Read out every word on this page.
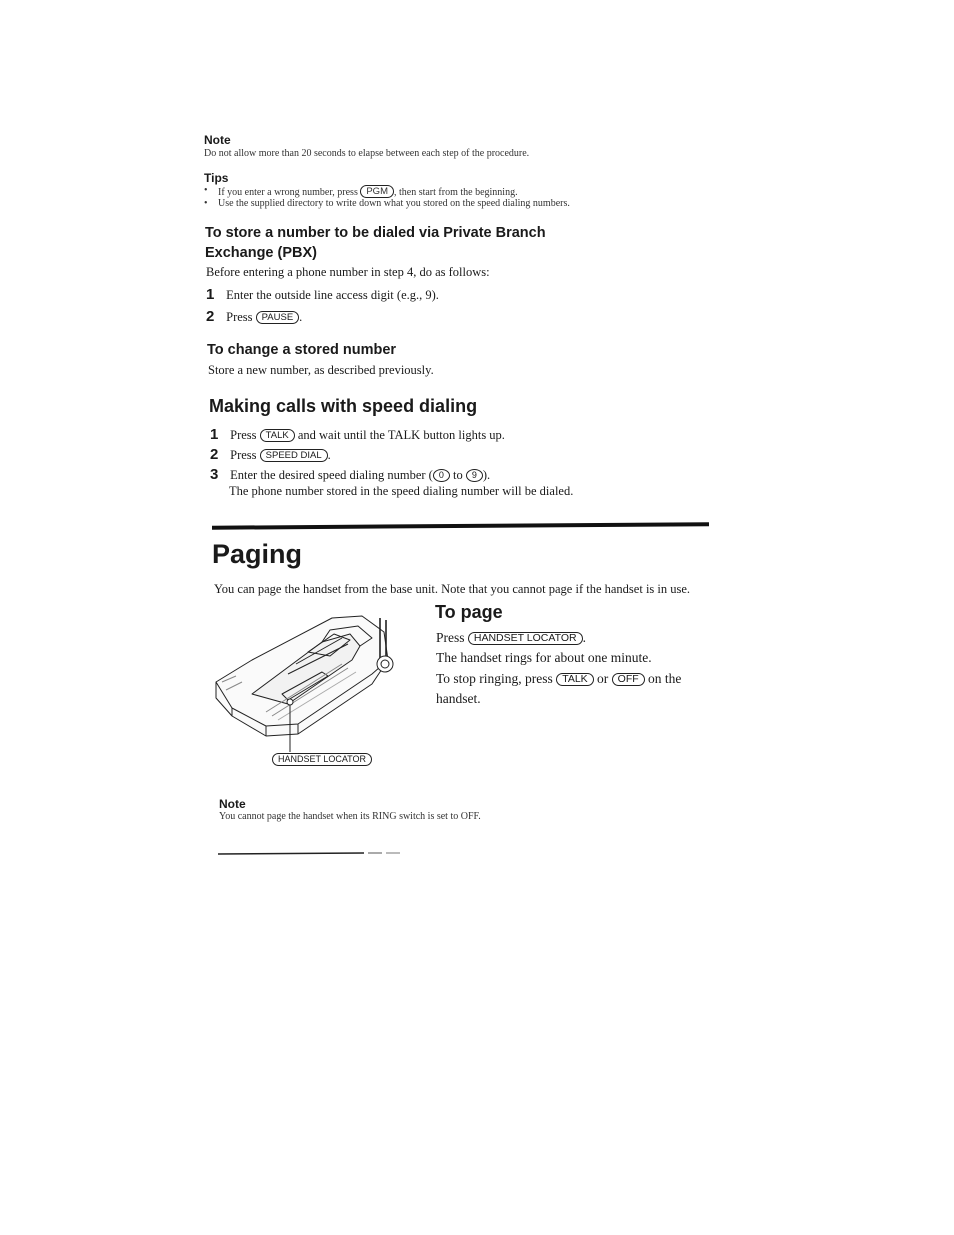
Note
Do not allow more than 20 seconds to elapse between each step of the procedure.
Tips
• If you enter a wrong number, press PGM , then start from the beginning.
• Use the supplied directory to write down what you stored on the speed dialing numbers.
To store a number to be dialed via Private Branch
Exchange (PBX)
Before entering a phone number in step 4, do as follows:
1 Enter the outside line access digit (e.g., 9).
2 Press PAUSE .
To change a stored number
Store a new number, as described previously.
Making calls with speed dialing
1 Press TALK and wait until the TALK button lights up.
2 Press SPEED DIAL .
3 Enter the desired speed dialing number ( 0 to 9 ).
The phone number stored in the speed dialing number will be dialed.
Paging
You can page the handset from the base unit. Note that you cannot page if the handset is in use.
HANDSET LOCATOR
To page
Press HANDSET LOCATOR .
The handset rings for about one minute.
To stop ringing, press TALK or OFF on the
handset.
Note
You cannot page the handset when its RING switch is set to OFF.
